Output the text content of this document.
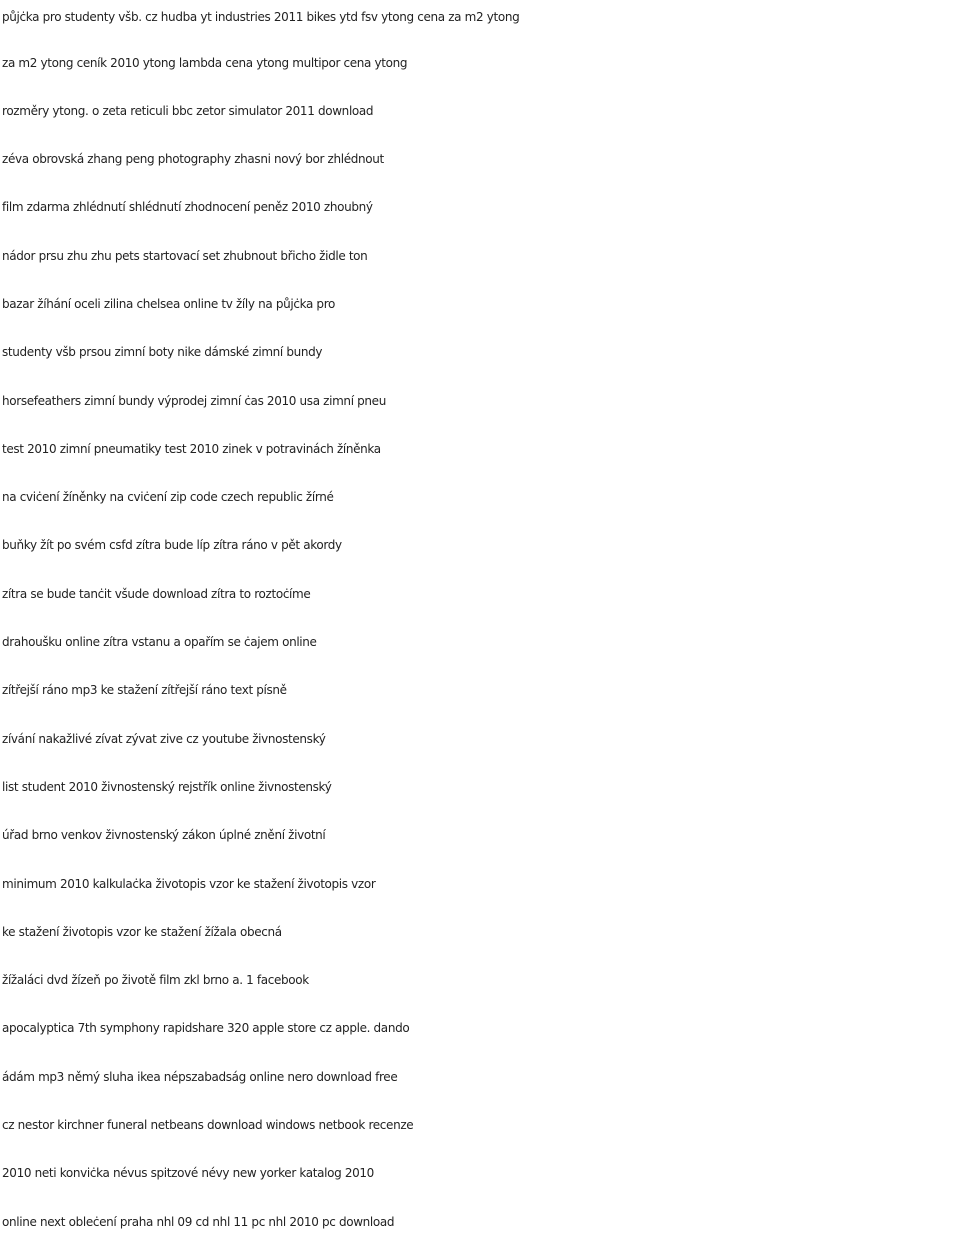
půjċka pro studenty všb. cz hudba yt industries 2011 bikes ytd fsv ytong cena za m2 ytong

za m2 ytong ceník 2010 ytong lambda cena ytong multipor cena ytong

rozměry ytong. o zeta reticuli bbc zetor simulator 2011 download

zéva obrovská zhang peng photography zhasni nový bor zhlédnout

film zdarma zhlédnutí shlédnutí zhodnocení peněz 2010 zhoubný

nádor prsu zhu zhu pets startovací set zhubnout břicho židle ton

bazar žíhání oceli zilina chelsea online tv žíly na půjċka pro

studenty všb prsou zimní boty nike dámské zimní bundy

horsefeathers zimní bundy výprodej zimní ċas 2010 usa zimní pneu

test 2010 zimní pneumatiky test 2010 zinek v potravinách žíněnka

na cviċení žíněnky na cviċení zip code czech republic žírné

buňky žít po svém csfd zítra bude líp zítra ráno v pět akordy

zítra se bude tanċit všude download zítra to roztoċíme

drahoušku online zítra vstanu a opařím se ċajem online

zítřejší ráno mp3 ke stažení zítřejší ráno text písně

zívání nakažlivé zívat zývat zive cz youtube živnostenský

list student 2010 živnostenský rejstřík online živnostenský

úřad brno venkov živnostenský zákon úplné znění životní

minimum 2010 kalkulaċka životopis vzor ke stažení životopis vzor

ke stažení životopis vzor ke stažení žížala obecná

žížaláci dvd žízeň po životě film zkl brno a. 1 facebook

apocalyptica 7th symphony rapidshare 320 apple store cz apple. dando

ádám mp3 němý sluha ikea népszabadság online nero download free

cz nestor kirchner funeral netbeans download windows netbook recenze

2010 neti konviċka névus spitzové névy new yorker katalog 2010

online next obleċení praha nhl 09 cd nhl 11 pc nhl 2010 pc download
